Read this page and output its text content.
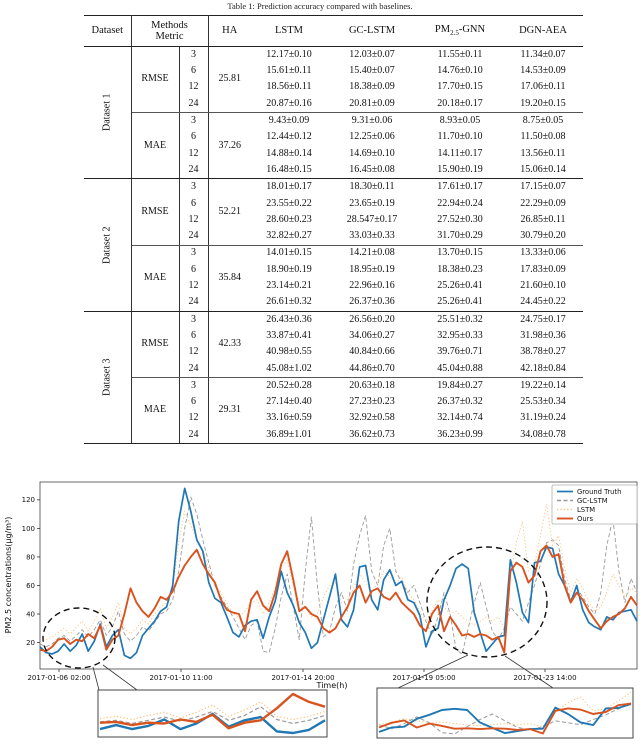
Table 1: Prediction accuracy compared with baselines.
Dataset	Methods
Metric		HA	LSTM	GC-LSTM	$PM_{2.5}$-GNN	DGN-AEA
Dataset 1	RMSE	3	25.81	12.17±0.10	12.03±0.07	11.55±0.11	11.34±0.07
		6		15.61±0.11	15.40±0.07	14.76±0.10	14.53±0.09
		12		18.56±0.11	18.38±0.09	17.70±0.15	17.06±0.11
		24		20.87±0.16	20.81±0.09	20.18±0.17	19.20±0.15
	MAE	3	37.26	9.43±0.09	9.31±0.06	8.93±0.05	8.75±0.05
		6		12.44±0.12	12.25±0.06	11.70±0.10	11.50±0.08
		12		14.88±0.14	14.69±0.10	14.11±0.17	13.56±0.11
		24		16.48±0.15	16.45±0.08	15.90±0.19	15.06±0.14
Dataset 2	RMSE	3	52.21	18.01±0.17	18.30±0.11	17.61±0.17	17.15±0.07
		6		23.55±0.22	23.65±0.19	22.94±0.24	22.29±0.09
		12		28.60±0.23	28.547±0.17	27.52±0.30	26.85±0.11
		24		32.82±0.27	33.03±0.33	31.70±0.29	30.79±0.20
	MAE	3	35.84	14.01±0.15	14.21±0.08	13.70±0.15	13.33±0.06
		6		18.90±0.19	18.95±0.19	18.38±0.23	17.83±0.09
		12		23.14±0.21	22.96±0.16	25.26±0.41	21.60±0.10
		24		26.61±0.32	26.37±0.36	25.26±0.41	24.45±0.22
Dataset 3	RMSE	3	42.33	26.43±0.36	26.56±0.20	25.51±0.32	24.75±0.17
		6		33.87±0.41	34.06±0.27	32.95±0.33	31.98±0.36
		12		40.98±0.55	40.84±0.66	39.76±0.71	38.78±0.27
		24		45.08±1.02	44.86±0.70	45.04±0.88	42.18±0.84
	MAE	3	29.31	20.52±0.28	20.63±0.18	19.84±0.27	19.22±0.14
		6		27.14±0.40	27.23±0.23	26.37±0.32	25.53±0.34
		12		33.16±0.59	32.92±0.58	32.14±0.74	31.19±0.24
		24		36.89±1.01	36.62±0.73	36.23±0.99	34.08±0.78
20
40
60
80
100
120
2017-01-06 02:00	2017-01-10 11:00	2017-01-14 20:00	2017-01-19 05:00	2017-01-23 14:00
Ground Truth
GC-LSTM
LSTM
Ours
PM2.5 concentrations(μg/m³)
Time(h)
